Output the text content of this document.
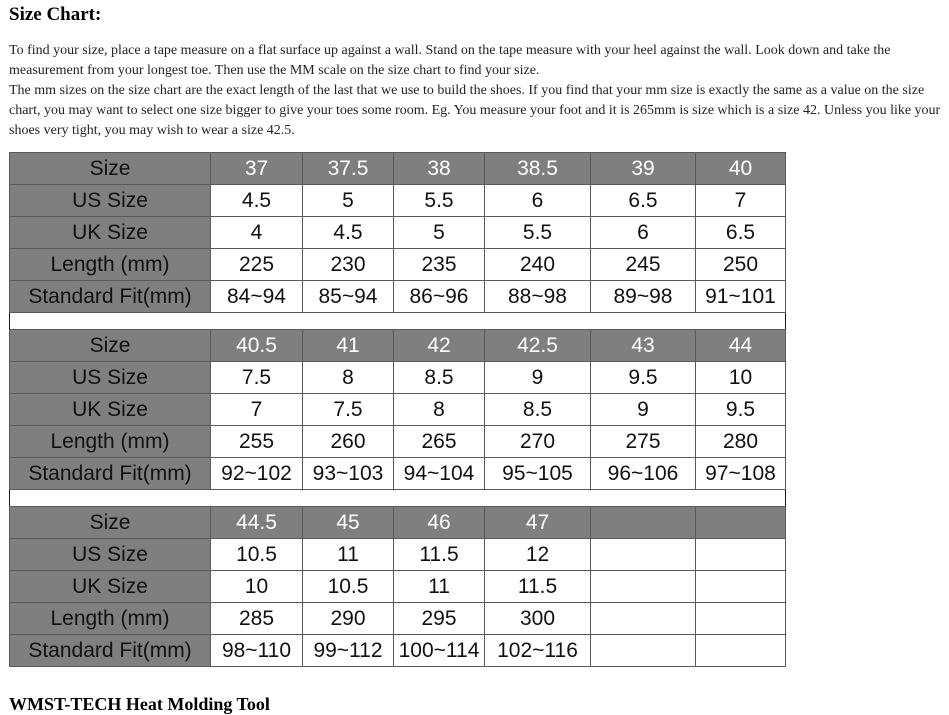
Size Chart:

To find your size, place a tape measure on a flat surface up against a wall. Stand on the tape measure with your heel against the wall. Look down and take the measurement from your longest toe. Then use the MM scale on the size chart to find your size.

The mm sizes on the size chart are the exact length of the last that we use to build the shoes. If you find that your mm size is exactly the same as a value on the size chart, you may want to select one size bigger to give your toes some room. Eg. You measure your foot and it is 265mm is size which is a size 42. Unless you like your shoes very tight, you may wish to wear a size 42.5.

Size	37	37.5	38	38.5	39	40
US Size	4.5	5	5.5	6	6.5	7
UK Size	4	4.5	5	5.5	6	6.5
Length (mm)	225	230	235	240	245	250
Standard Fit(mm)	84~94	85~94	86~96	88~98	89~98	91~101

Size	40.5	41	42	42.5	43	44
US Size	7.5	8	8.5	9	9.5	10
UK Size	7	7.5	8	8.5	9	9.5
Length (mm)	255	260	265	270	275	280
Standard Fit(mm)	92~102	93~103	94~104	95~105	96~106	97~108

Size	44.5	45	46	47		
US Size	10.5	11	11.5	12		
UK Size	10	10.5	11	11.5		
Length (mm)	285	290	295	300		
Standard Fit(mm)	98~110	99~112	100~114	102~116		
WMST-TECH Heat Molding Tool
